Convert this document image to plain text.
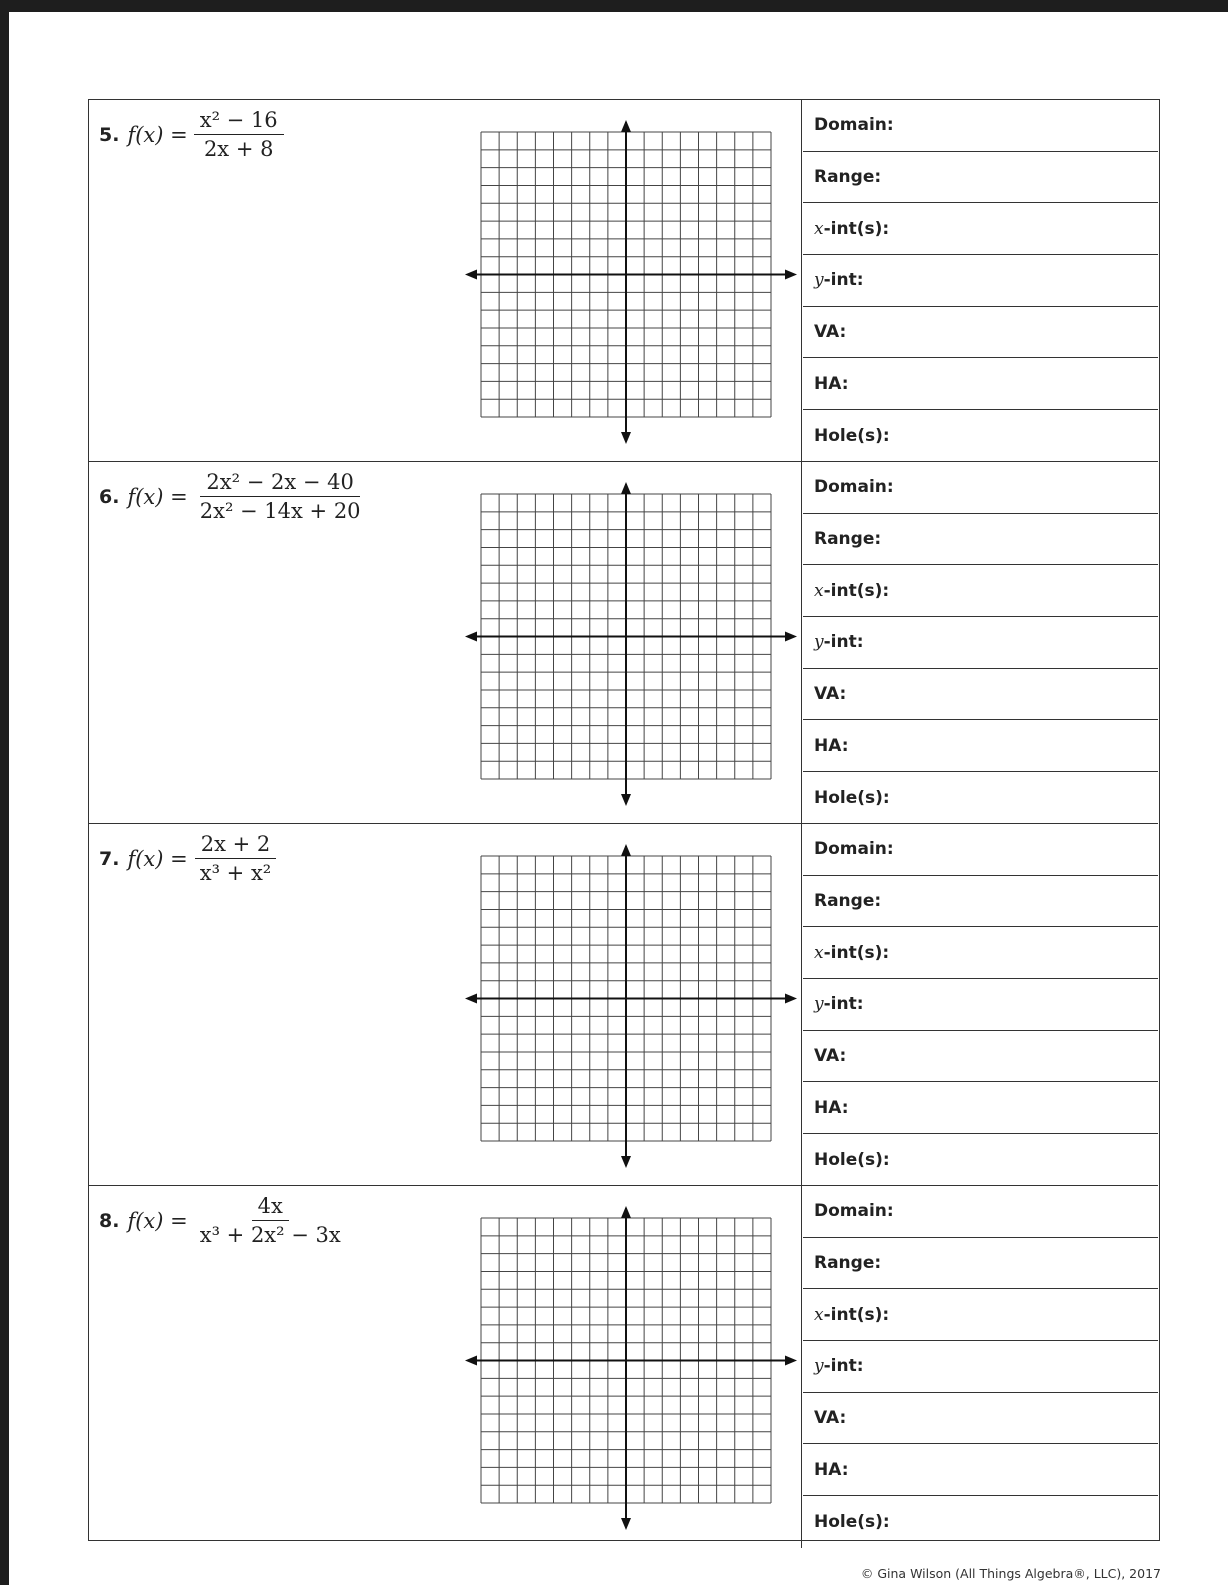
5. $f(x) = \frac{\text{x² − 16}}{2x + 8}$	Domain:
Range:
x -int(s):
y -int:
VA:
HA:
Hole(s):
6. $f(x) = \frac{\text{2x² − 2x − 40}}{\text{2x² − 14x + 20}}$	Domain:
Range:
x -int(s):
y -int:
VA:
HA:
Hole(s):
7. $f(x) = \frac{2x + 2}{\text{x³ + x²}}$	Domain:
Range:
x -int(s):
y -int:
VA:
HA:
Hole(s):
8. $f(x) = \frac{4x}{\text{x³ + 2x² − 3x}}$	Domain:
Range:
x -int(s):
y -int:
VA:
HA:
Hole(s):
© Gina Wilson (All Things Algebra®, LLC), 2017
